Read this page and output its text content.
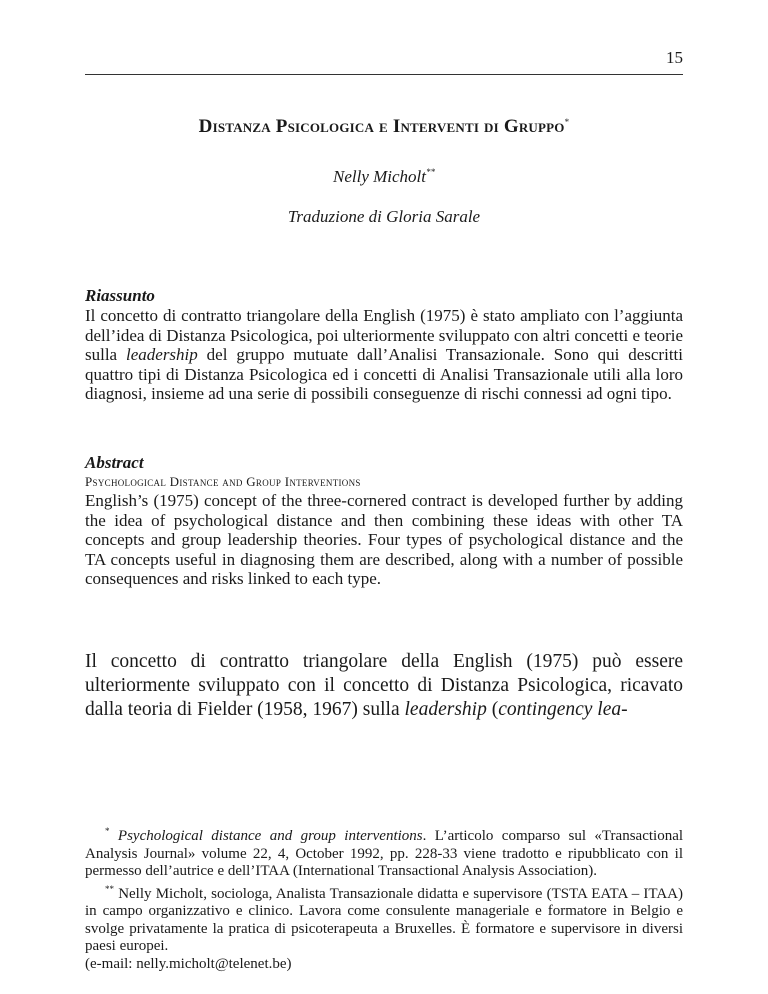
15
Distanza Psicologica e Interventi di Gruppo*
Nelly Micholt**
Traduzione di Gloria Sarale
Riassunto

Il concetto di contratto triangolare della English (1975) è stato ampliato con l’aggiunta dell’idea di Distanza Psicologica, poi ulteriormente sviluppato con altri concetti e teorie sulla leadership del gruppo mutuate dall’Analisi Transazionale. Sono qui descritti quattro tipi di Distanza Psicologica ed i concetti di Analisi Transazionale utili alla loro diagnosi, insieme ad una serie di possibili conseguenze di rischi connessi ad ogni tipo.

Abstract
Psychological Distance and Group Interventions

English’s (1975) concept of the three-cornered contract is developed further by adding the idea of psychological distance and then combining these ideas with other TA concepts and group leadership theories. Four types of psychological distance and the TA concepts useful in diagnosing them are described, along with a number of possible consequences and risks linked to each type.

Il concetto di contratto triangolare della English (1975) può essere ulteriormente sviluppato con il concetto di Distanza Psicologica, ricavato dalla teoria di Fielder (1958, 1967) sulla leadership (contingency lea-

* Psychological distance and group interventions. L’articolo comparso sul «Transactional Analysis Journal» volume 22, 4, October 1992, pp. 228-33 viene tradotto e ripubblicato con il permesso dell’autrice e dell’ITAA (International Transactional Analysis Association).

** Nelly Micholt, sociologa, Analista Transazionale didatta e supervisore (TSTA EATA – ITAA) in campo organizzativo e clinico. Lavora come consulente manageriale e formatore in Belgio e svolge privatamente la pratica di psicoterapeuta a Bruxelles. È formatore e supervisore in diversi paesi europei.

(e-mail: nelly.micholt@telenet.be)
